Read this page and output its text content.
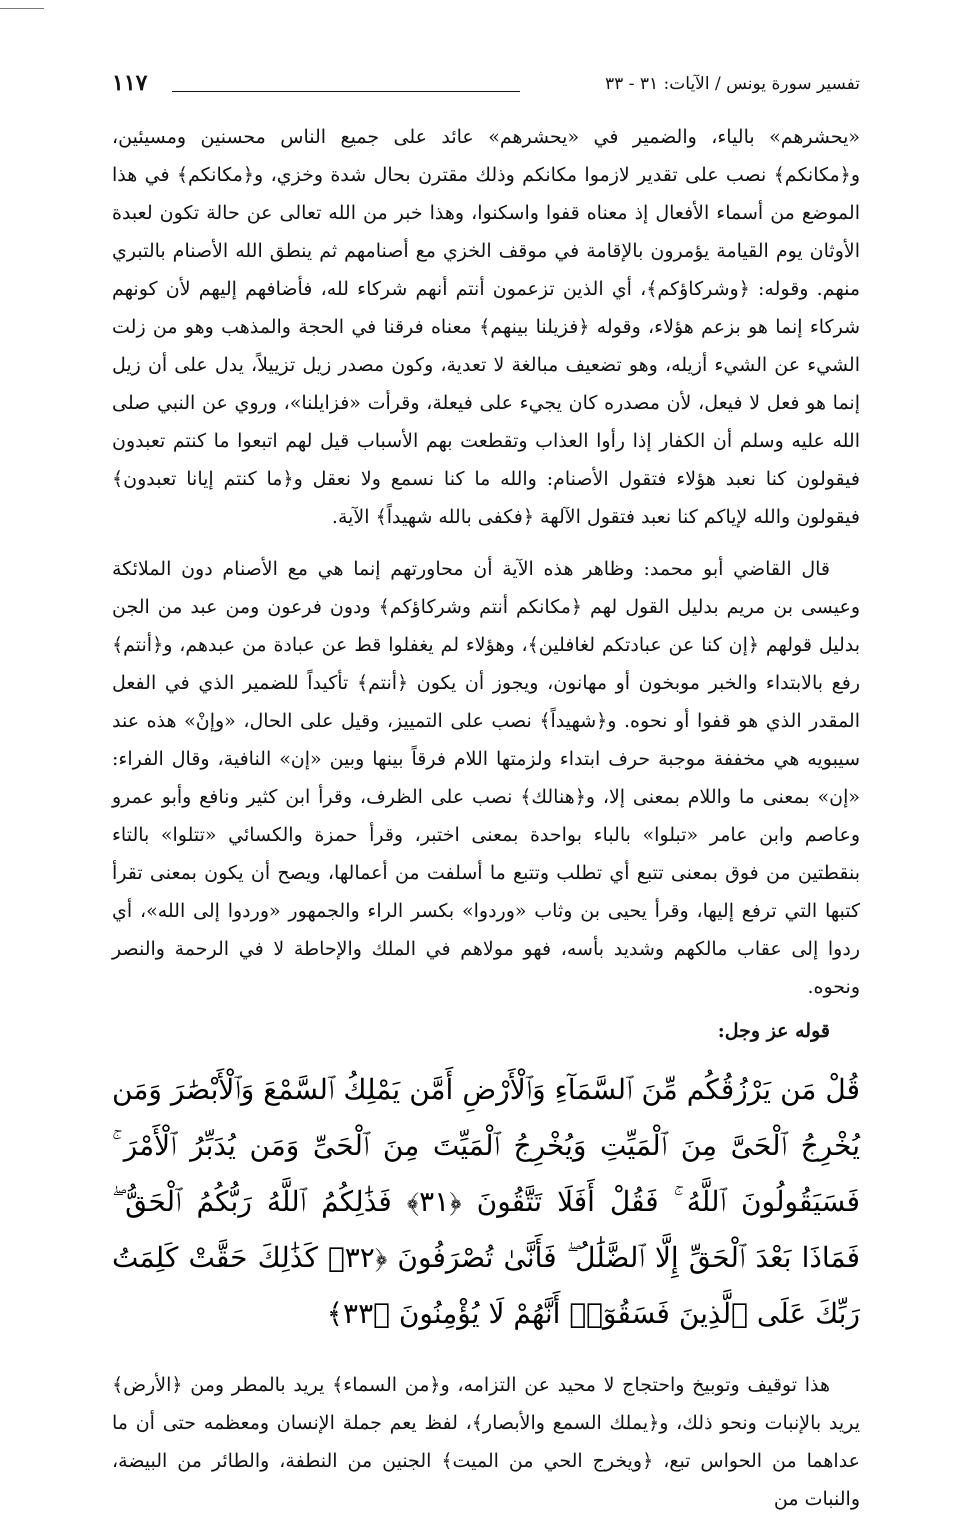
تفسير سورة يونس / الآيات: ٣١ - ٣٣
١١٧

«يحشرهم» بالياء، والضمير في «يحشرهم» عائد على جميع الناس محسنين ومسيئين، و﴿مكانكم﴾ نصب على تقدير لازموا مكانكم وذلك مقترن بحال شدة وخزي، و﴿مكانكم﴾ في هذا الموضع من أسماء الأفعال إذ معناه قفوا واسكنوا، وهذا خبر من الله تعالى عن حالة تكون لعبدة الأوثان يوم القيامة يؤمرون بالإقامة في موقف الخزي مع أصنامهم ثم ينطق الله الأصنام بالتبري منهم. وقوله: ﴿وشركاؤكم﴾، أي الذين تزعمون أنتم أنهم شركاء لله، فأضافهم إليهم لأن كونهم شركاء إنما هو بزعم هؤلاء، وقوله ﴿فزيلنا بينهم﴾ معناه فرقنا في الحجة والمذهب وهو من زلت الشيء عن الشيء أزيله، وهو تضعيف مبالغة لا تعدية، وكون مصدر زيل تزييلاً، يدل على أن زيل إنما هو فعل لا فيعل، لأن مصدره كان يجيء على فيعلة، وقرأت «فزايلنا»، وروي عن النبي صلى الله عليه وسلم أن الكفار إذا رأوا العذاب وتقطعت بهم الأسباب قيل لهم اتبعوا ما كنتم تعبدون فيقولون كنا نعبد هؤلاء فتقول الأصنام: والله ما كنا نسمع ولا نعقل و﴿ما كنتم إيانا تعبدون﴾ فيقولون والله لإياكم كنا نعبد فتقول الآلهة ﴿فكفى بالله شهيداً﴾ الآية.

قال القاضي أبو محمد: وظاهر هذه الآية أن محاورتهم إنما هي مع الأصنام دون الملائكة وعيسى بن مريم بدليل القول لهم ﴿مكانكم أنتم وشركاؤكم﴾ ودون فرعون ومن عبد من الجن بدليل قولهم ﴿إن كنا عن عبادتكم لغافلين﴾، وهؤلاء لم يغفلوا قط عن عبادة من عبدهم، و﴿أنتم﴾ رفع بالابتداء والخبر موبخون أو مهانون، ويجوز أن يكون ﴿أنتم﴾ تأكيداً للضمير الذي في الفعل المقدر الذي هو قفوا أو نحوه. و﴿شهيداً﴾ نصب على التمييز، وقيل على الحال، «وإنْ» هذه عند سيبويه هي مخففة موجبة حرف ابتداء ولزمتها اللام فرقاً بينها وبين «إن» النافية، وقال الفراء: «إن» بمعنى ما واللام بمعنى إلا، و﴿هنالك﴾ نصب على الظرف، وقرأ ابن كثير ونافع وأبو عمرو وعاصم وابن عامر «تبلوا» بالباء بواحدة بمعنى اختبر، وقرأ حمزة والكسائي «تتلوا» بالتاء بنقطتين من فوق بمعنى تتبع أي تطلب وتتبع ما أسلفت من أعمالها، ويصح أن يكون بمعنى تقرأ كتبها التي ترفع إليها، وقرأ يحيى بن وثاب «وردوا» بكسر الراء والجمهور «وردوا إلى الله»، أي ردوا إلى عقاب مالكهم وشديد بأسه، فهو مولاهم في الملك والإحاطة لا في الرحمة والنصر ونحوه.

قوله عز وجل:

قُلْ مَن يَرْزُقُكُم مِّنَ ٱلسَّمَآءِ وَٱلْأَرْضِ أَمَّن يَمْلِكُ ٱلسَّمْعَ وَٱلْأَبْصَٰرَ وَمَن يُخْرِجُ ٱلْحَىَّ مِنَ ٱلْمَيِّتِ وَيُخْرِجُ ٱلْمَيِّتَ مِنَ ٱلْحَىِّ وَمَن يُدَبِّرُ ٱلْأَمْرَ ۚ فَسَيَقُولُونَ ٱللَّهُ ۚ فَقُلْ أَفَلَا تَتَّقُونَ ﴿٣١﴾ فَذَٰلِكُمُ ٱللَّهُ رَبُّكُمُ ٱلْحَقُّ ۖ فَمَاذَا بَعْدَ ٱلْحَقِّ إِلَّا ٱلضَّلَٰلُ ۖ فَأَنَّىٰ تُصْرَفُونَ ﴿٣٢﴾ كَذَٰلِكَ حَقَّتْ كَلِمَتُ رَبِّكَ عَلَى ٱلَّذِينَ فَسَقُوٓا۟ أَنَّهُمْ لَا يُؤْمِنُونَ ﴿٣٣﴾

هذا توقيف وتوبيخ واحتجاج لا محيد عن التزامه، و﴿من السماء﴾ يريد بالمطر ومن ﴿الأرض﴾ يريد بالإنبات ونحو ذلك، و﴿يملك السمع والأبصار﴾، لفظ يعم جملة الإنسان ومعظمه حتى أن ما عداهما من الحواس تبع، ﴿ويخرج الحي من الميت﴾ الجنين من النطفة، والطائر من البيضة، والنبات من
